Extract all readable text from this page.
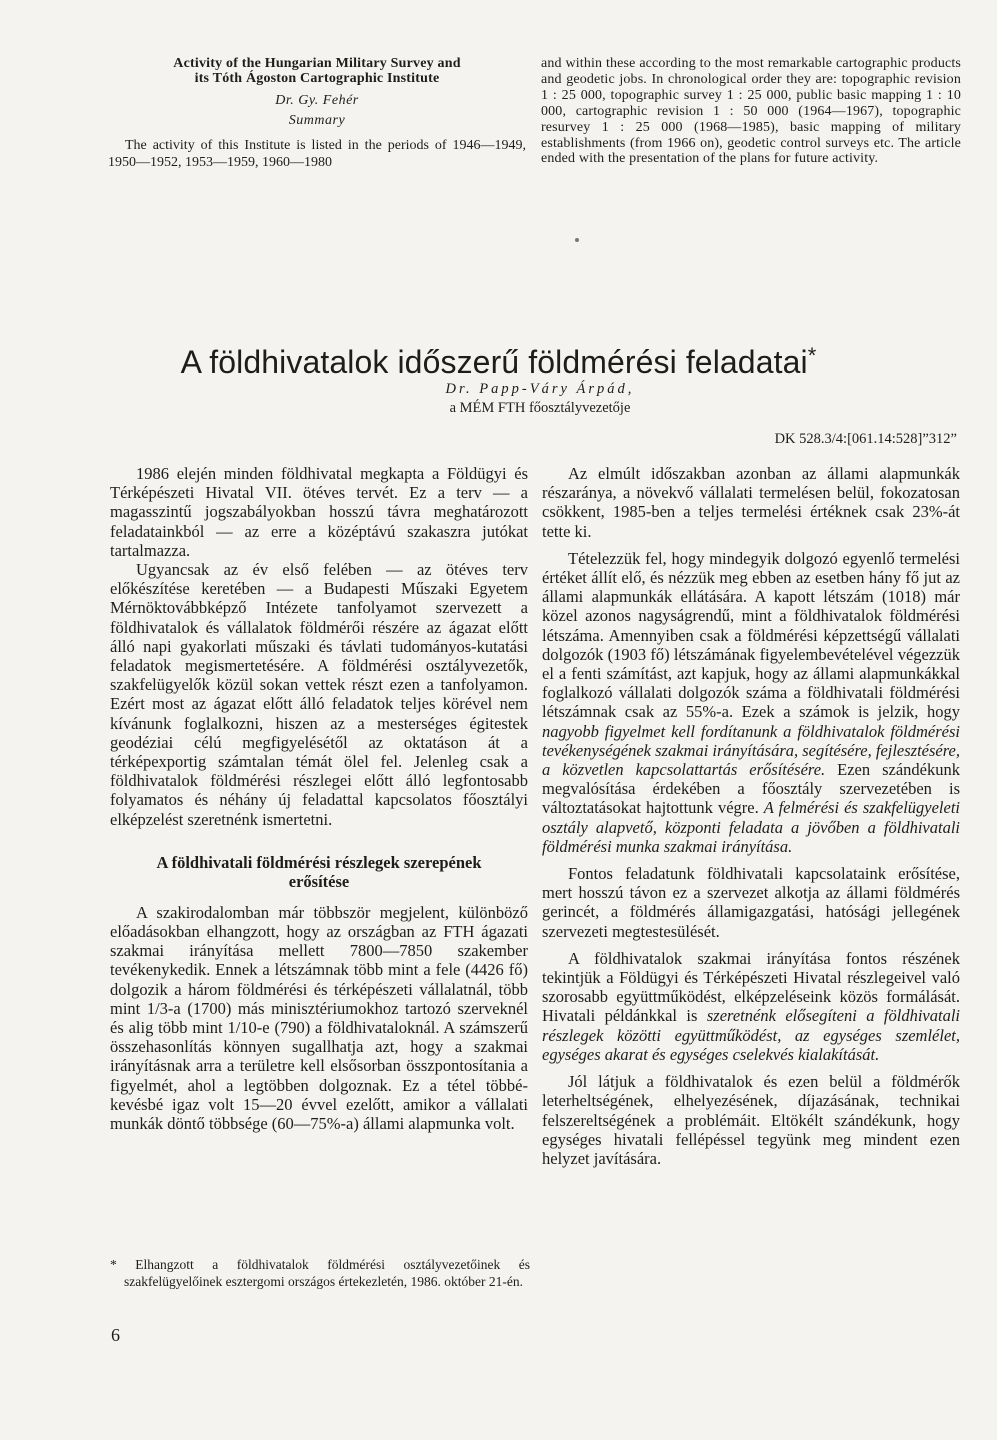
Activity of the Hungarian Military Survey and
its Tóth Ágoston Cartographic Institute
Dr. Gy. Fehér
Summary
The activity of this Institute is listed in the periods of 1946—1949, 1950—1952, 1953—1959, 1960—1980
and within these according to the most remarkable cartographic products and geodetic jobs. In chronological order they are: topographic revision 1 : 25 000, topographic survey 1 : 25 000, public basic mapping 1 : 10 000, cartographic revision 1 : 50 000 (1964—1967), topographic resurvey 1 : 25 000 (1968—1985), basic mapping of military establishments (from 1966 on), geodetic control surveys etc. The article ended with the presentation of the plans for future activity.
A földhivatalok időszerű földmérési feladatai*
Dr. Papp-Váry Árpád,
a MÉM FTH főosztályvezetője
DK 528.3/4:[061.14:528]”312”

1986 elején minden földhivatal megkapta a Földügyi és Térképészeti Hivatal VII. ötéves tervét. Ez a terv — a magasszintű jogszabályokban hosszú távra meghatározott feladatainkból — az erre a középtávú szakaszra jutókat tartalmazza.

Ugyancsak az év első felében — az ötéves terv előkészítése keretében — a Budapesti Műszaki Egyetem Mérnöktovábbképző Intézete tanfolyamot szervezett a földhivatalok és vállalatok földmérői részére az ágazat előtt álló napi gyakorlati műszaki és távlati tudományos-kutatási feladatok megismertetésére. A földmérési osztályvezetők, szakfelügyelők közül sokan vettek részt ezen a tanfolyamon. Ezért most az ágazat előtt álló feladatok teljes körével nem kívánunk foglalkozni, hiszen az a mesterséges égitestek geodéziai célú megfigyelésétől az oktatáson át a térképexportig számtalan témát ölel fel. Jelenleg csak a földhivatalok földmérési részlegei előtt álló legfontosabb folyamatos és néhány új feladattal kapcsolatos főosztályi elképzelést szeretnénk ismertetni.

A földhivatali földmérési részlegek szerepének
erősítése

A szakirodalomban már többször megjelent, különböző előadásokban elhangzott, hogy az országban az FTH ágazati szakmai irányítása mellett 7800—7850 szakember tevékenykedik. Ennek a létszámnak több mint a fele (4426 fő) dolgozik a három földmérési és térképészeti vállalatnál, több mint 1/3-a (1700) más minisztériumokhoz tartozó szerveknél és alig több mint 1/10-e (790) a földhivataloknál. A számszerű összehasonlítás könnyen sugallhatja azt, hogy a szakmai irányításnak arra a területre kell elsősorban összpontosítania a figyelmét, ahol a legtöbben dolgoznak. Ez a tétel többé-kevésbé igaz volt 15—20 évvel ezelőtt, amikor a vállalati munkák döntő többsége (60—75%-a) állami alapmunka volt.

* Elhangzott a földhivatalok földmérési osztályvezetőinek és szakfelügyelőinek esztergomi országos értekezletén, 1986. október 21-én.

6

Az elmúlt időszakban azonban az állami alapmunkák részaránya, a növekvő vállalati termelésen belül, fokozatosan csökkent, 1985-ben a teljes termelési értéknek csak 23%-át tette ki.

Tételezzük fel, hogy mindegyik dolgozó egyenlő termelési értéket állít elő, és nézzük meg ebben az esetben hány fő jut az állami alapmunkák ellátására. A kapott létszám (1018) már közel azonos nagyságrendű, mint a földhivatalok földmérési létszáma. Amennyiben csak a földmérési képzettségű vállalati dolgozók (1903 fő) létszámának figyelembevételével végezzük el a fenti számítást, azt kapjuk, hogy az állami alapmunkákkal foglalkozó vállalati dolgozók száma a földhivatali földmérési létszámnak csak az 55%-a. Ezek a számok is jelzik, hogy nagyobb figyelmet kell fordítanunk a földhivatalok földmérési tevékenységének szakmai irányítására, segítésére, fejlesztésére, a közvetlen kapcsolattartás erősítésére. Ezen szándékunk megvalósítása érdekében a főosztály szervezetében is változtatásokat hajtottunk végre. A felmérési és szakfelügyeleti osztály alapvető, központi feladata a jövőben a földhivatali földmérési munka szakmai irányítása.

Fontos feladatunk földhivatali kapcsolataink erősítése, mert hosszú távon ez a szervezet alkotja az állami földmérés gerincét, a földmérés államigazgatási, hatósági jellegének szervezeti megtestesülését.

A földhivatalok szakmai irányítása fontos részének tekintjük a Földügyi és Térképészeti Hivatal részlegeivel való szorosabb együttműködést, elképzeléseink közös formálását. Hivatali példánkkal is szeretnénk elősegíteni a földhivatali részlegek közötti együttműködést, az egységes szemlélet, egységes akarat és egységes cselekvés kialakítását.

Jól látjuk a földhivatalok és ezen belül a földmérők leterheltségének, elhelyezésének, díjazásának, technikai felszereltségének a problémáit. Eltökélt szándékunk, hogy egységes hivatali fellépéssel tegyünk meg mindent ezen helyzet javítására.
